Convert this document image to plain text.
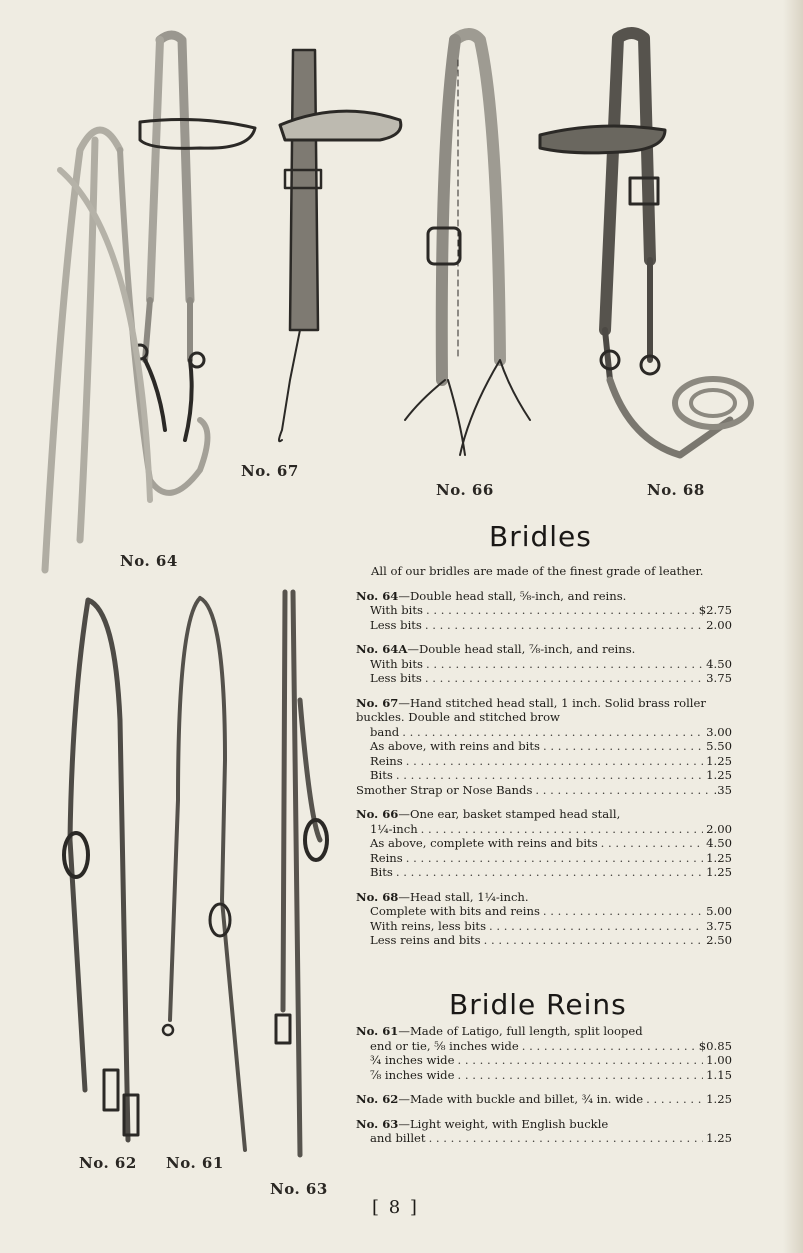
No. 64
No. 67
No. 66	No. 68
No. 62 No. 61
No. 63
Bridles
All of our bridles are made of the finest grade of leather.
No. 64—Double head stall, ⅝-inch, and reins.
With bits . . .	$2.75
Less bits . . .	2.00
No. 64A—Double head stall, ⅞-inch, and reins.
With bits . . .	4.50
Less bits . . .	3.75
No. 67—Hand stitched head stall, 1 inch. Solid brass roller buckles. Double and stitched brow
band . . .	3.00
As above, with reins and bits . . .	5.50
Reins . . .	1.25
Bits . . .	1.25
Smother Strap or Nose Bands . . .	.35
No. 66—One ear, basket stamped head stall,
1¼-inch . . .	2.00
As above, complete with reins and bits . . .	4.50
Reins . . .	1.25
Bits . . .	1.25
No. 68—Head stall, 1¼-inch.
Complete with bits and reins . . .	5.00
With reins, less bits . . .	3.75
Less reins and bits . . .	2.50
Bridle Reins
No. 61—Made of Latigo, full length, split looped
end or tie, ⅝ inches wide . . .	$0.85
¾ inches wide . . .	1.00
⅞ inches wide . . .	1.15
No. 62—Made with buckle and billet, ¾ in. wide . . .	1.25
No. 63—Light weight, with English buckle
and billet . . .	1.25
[ 8 ]
